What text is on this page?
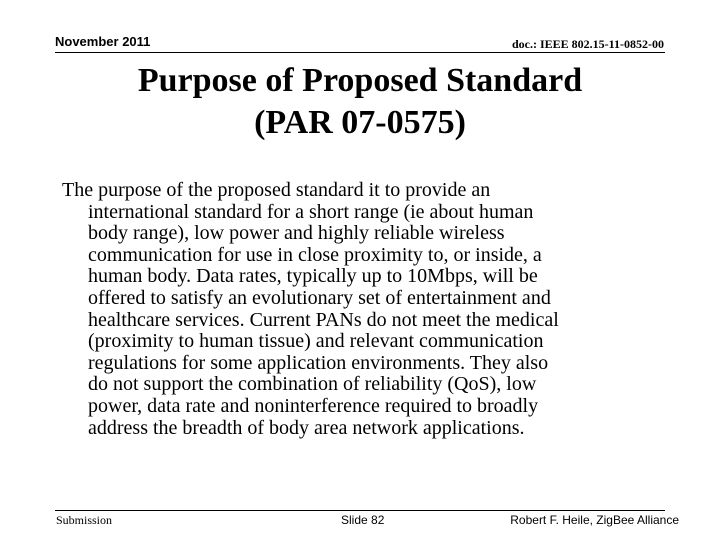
November 2011	doc.: IEEE 802.15-11-0852-00
Purpose of Proposed Standard
(PAR 07-0575)

The purpose of the proposed standard it to provide an
international standard for a short range (ie about human
body range), low power and highly reliable wireless
communication for use in close proximity to, or inside, a
human body. Data rates, typically up to 10Mbps, will be
offered to satisfy an evolutionary set of entertainment and
healthcare services. Current PANs do not meet the medical
(proximity to human tissue) and relevant communication
regulations for some application environments. They also
do not support the combination of reliability (QoS), low
power, data rate and noninterference required to broadly
address the breadth of body area network applications.

Submission	Slide 82	Robert F. Heile, ZigBee Alliance
